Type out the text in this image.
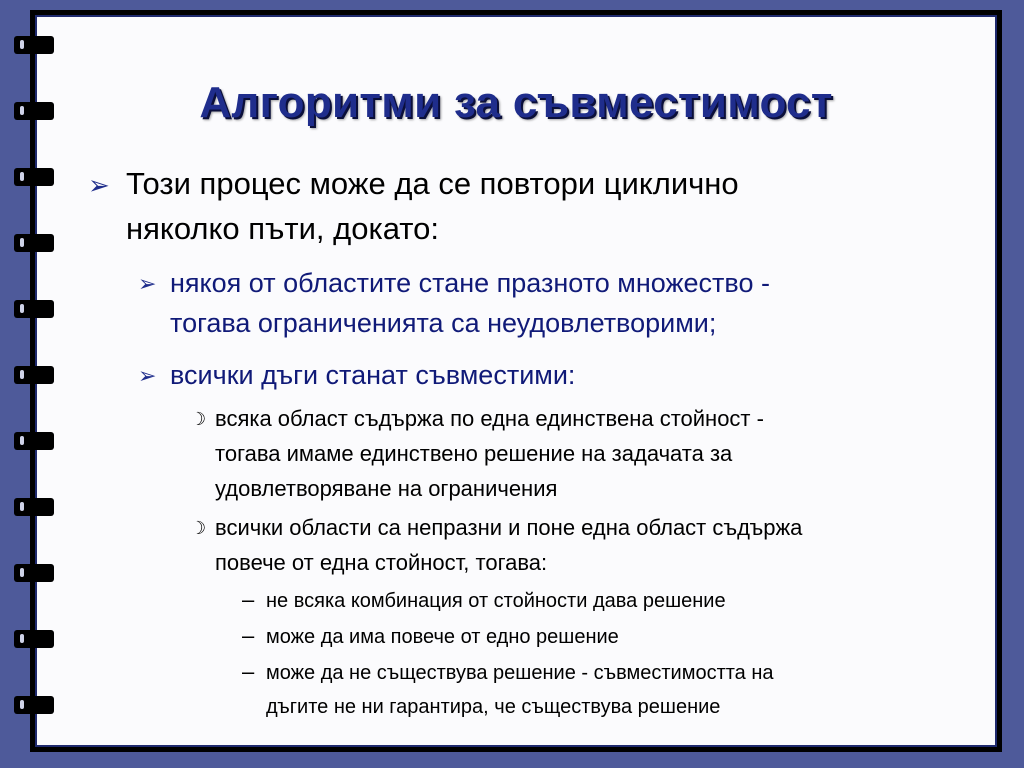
Алгоритми за съвместимост
➢ Този процес може да се повтори циклично
няколко пъти, докато:
➢ някоя от областите стане празното множество -
тогава ограниченията са неудовлетворими;
➢ всички дъги станат съвместими:
☽ всяка област съдържа по една единствена стойност -
тогава имаме единствено решение на задачата за
удовлетворяване на ограничения
☽ всички области са непразни и поне една област съдържа
повече от една стойност, тогава:
– не всяка комбинация от стойности дава решение
– може да има повече от едно решение
– може да не съществува решение - съвместимостта на
дъгите не ни гарантира, че съществува решение
